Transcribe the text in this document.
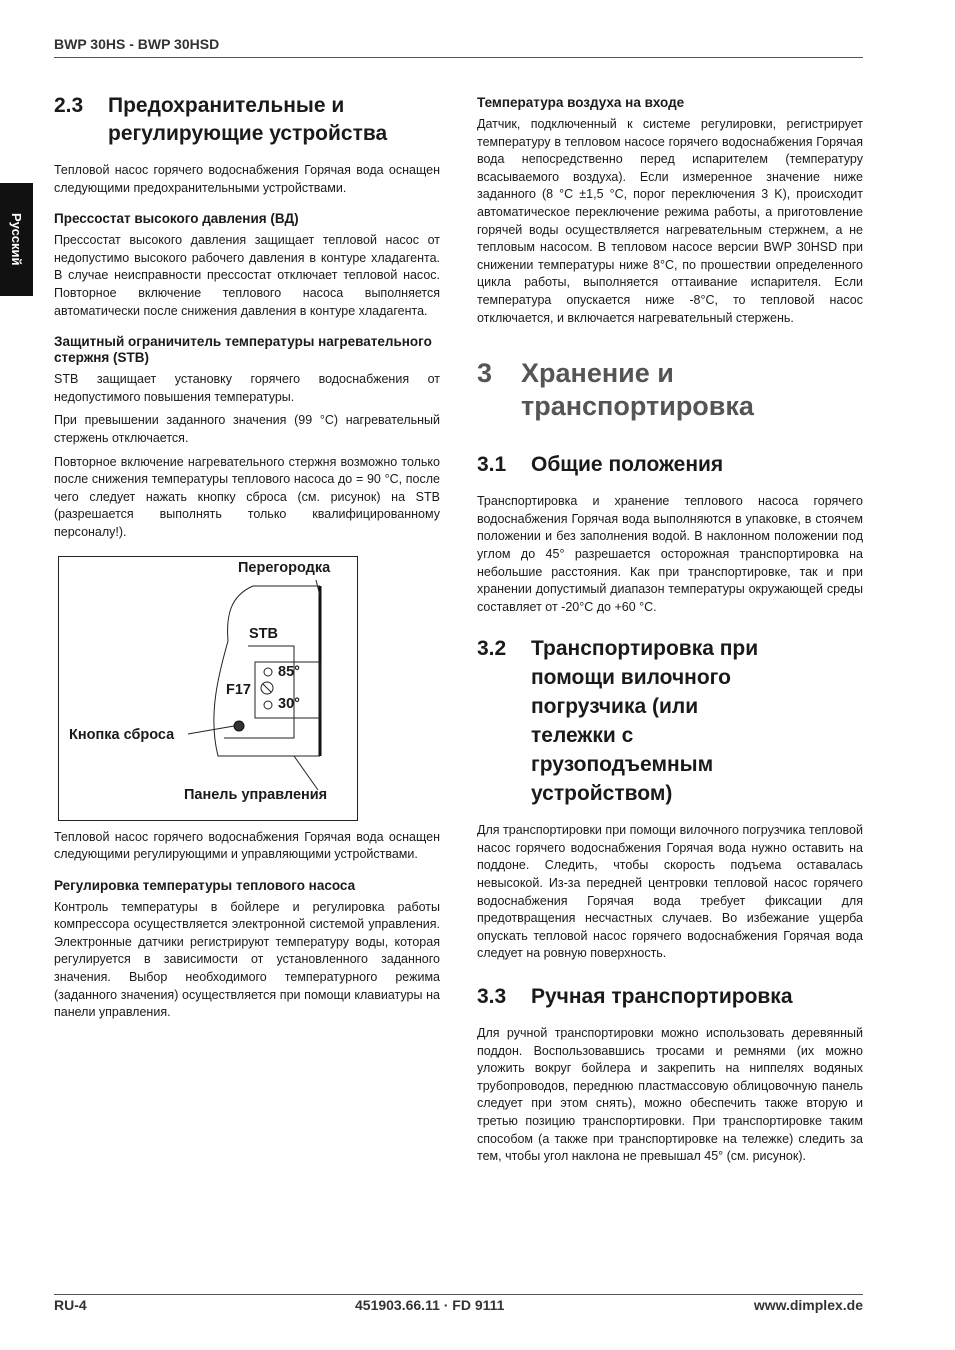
BWP 30HS - BWP 30HSD
Русский
2.3	Предохранительные и регулирующие устройства

Тепловой насос горячего водоснабжения Горячая вода оснащен следующими предохранительными устройствами.

Прессостат высокого давления (ВД)

Прессостат высокого давления защищает тепловой насос от недопустимо высокого рабочего давления в контуре хладагента. В случае неисправности прессостат отключает тепловой насос. Повторное включение теплового насоса выполняется автоматически после снижения давления в контуре хладагента.

Защитный ограничитель температуры нагревательного стержня (STB)

STB защищает установку горячего водоснабжения от недопустимого повышения температуры.

При превышении заданного значения (99 °C) нагревательный стержень отключается.

Повторное включение нагревательного стержня возможно только после снижения температуры теплового насоса до = 90 °C, после чего следует нажать кнопку сброса (см. рисунок) на STB (разрешается выполнять только квалифицированному персоналу!).

Перегородка
STB
85°
F17
30°
Кнопка сброса
Панель управления

Тепловой насос горячего водоснабжения Горячая вода оснащен следующими регулирующими и управляющими устройствами.

Регулировка температуры теплового насоса

Контроль температуры в бойлере и регулировка работы компрессора осуществляется электронной системой управления. Электронные датчики регистрируют температуру воды, которая регулируется в зависимости от установленного заданного значения. Выбор необходимого температурного режима (заданного значения) осуществляется при помощи клавиатуры на панели управления.

Температура воздуха на входе

Датчик, подключенный к системе регулировки, регистрирует температуру в тепловом насосе горячего водоснабжения Горячая вода непосредственно перед испарителем (температуру всасываемого воздуха). Если измеренное значение ниже заданного (8 °C ±1,5 °C, порог переключения 3 K), происходит автоматическое переключение режима работы, а приготовление горячей воды осуществляется нагревательным стержнем, а не тепловым насосом. В тепловом насосе версии BWP 30HSD при снижении температуры ниже 8°C, по прошествии определенного цикла работы, выполняется оттаивание испарителя. Если температура опускается ниже -8°C, то тепловой насос отключается, и включается нагревательный стержень.

3	Хранение и транспортировка
3.1	Общие положения

Транспортировка и хранение теплового насоса горячего водоснабжения Горячая вода выполняются в упаковке, в стоячем положении и без заполнения водой. В наклонном положении под углом до 45° разрешается осторожная транспортировка на небольшие расстояния. Как при транспортировке, так и при хранении допустимый диапазон температуры окружающей среды составляет от -20°C до +60 °C.

3.2	Транспортировка при помощи вилочного погрузчика (или тележки с грузоподъемным устройством)

Для транспортировки при помощи вилочного погрузчика тепловой насос горячего водоснабжения Горячая вода нужно оставить на поддоне. Следить, чтобы скорость подъема оставалась невысокой. Из-за передней центровки тепловой насос горячего водоснабжения Горячая вода требует фиксации для предотвращения несчастных случаев. Во избежание ущерба опускать тепловой насос горячего водоснабжения Горячая вода следует на ровную поверхность.

3.3	Ручная транспортировка

Для ручной транспортировки можно использовать деревянный поддон. Воспользовавшись тросами и ремнями (их можно уложить вокруг бойлера и закрепить на ниппелях водяных трубопроводов, переднюю пластмассовую облицовочную панель следует при этом снять), можно обеспечить также вторую и третью позицию транспортировки. При транспортировке таким способом (а также при транспортировке на тележке) следить за тем, чтобы угол наклона не превышал 45° (см. рисунок).

RU-4	451903.66.11 · FD 9111	www.dimplex.de
